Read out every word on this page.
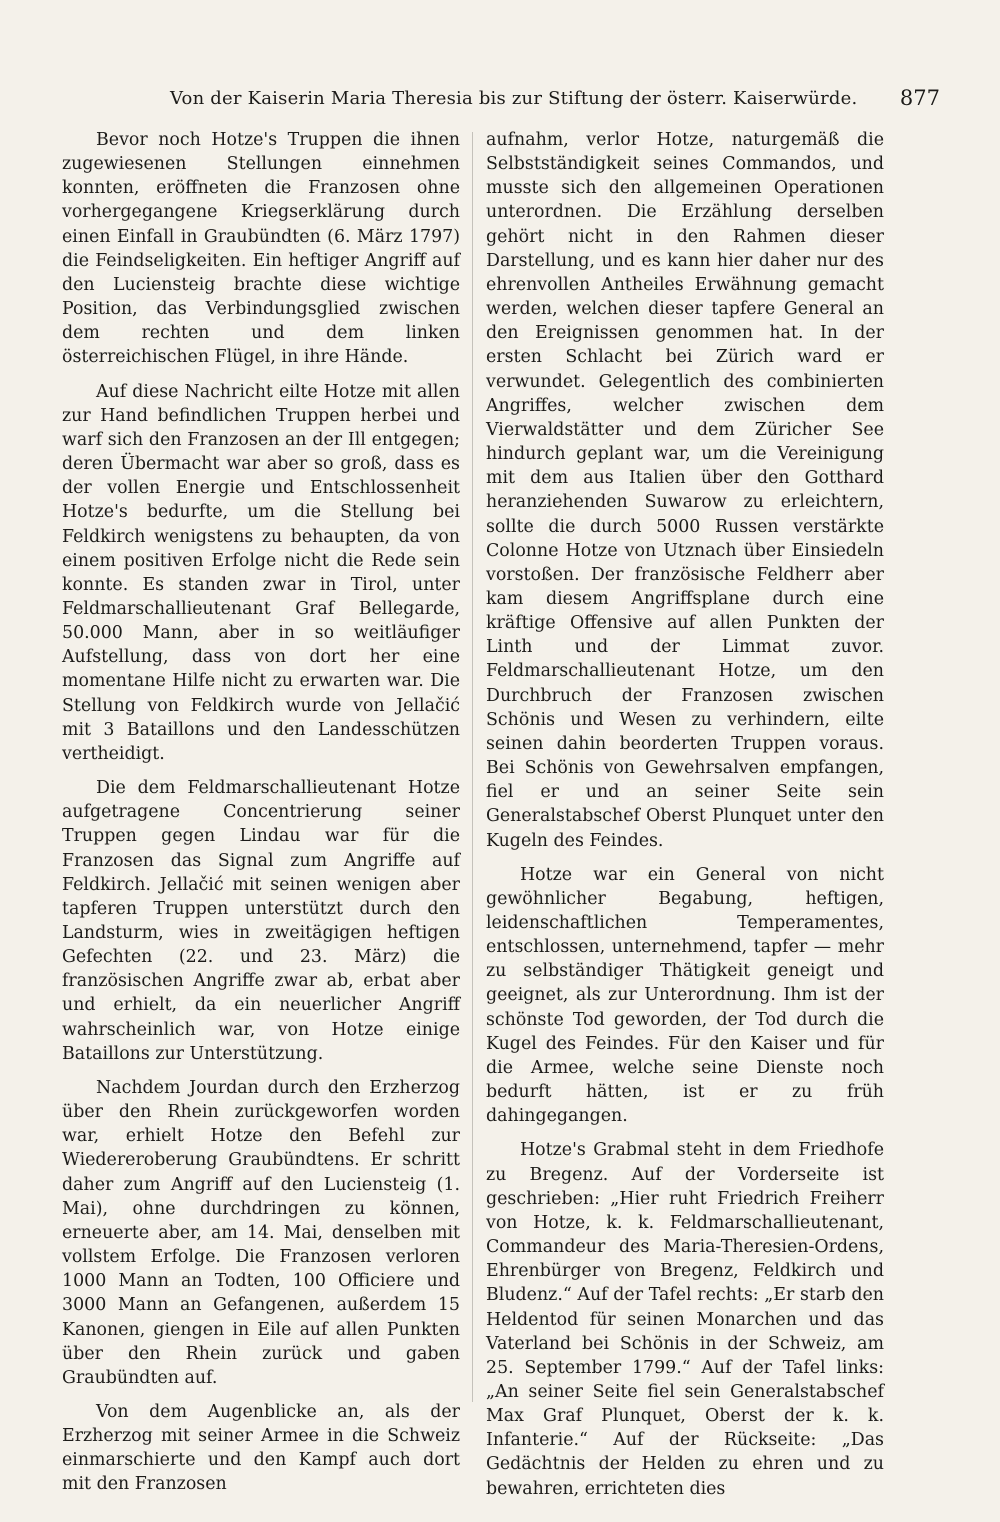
Von der Kaiserin Maria Theresia bis zur Stiftung der österr. Kaiserwürde. 877

Bevor noch Hotze's Truppen die ihnen zugewiesenen Stellungen einnehmen konnten, eröffneten die Franzosen ohne vorhergegangene Kriegserklärung durch einen Einfall in Graubündten (6. März 1797) die Feindseligkeiten. Ein heftiger Angriff auf den Luciensteig brachte diese wichtige Position, das Verbindungsglied zwischen dem rechten und dem linken österreichischen Flügel, in ihre Hände.

Auf diese Nachricht eilte Hotze mit allen zur Hand befindlichen Truppen herbei und warf sich den Franzosen an der Ill entgegen; deren Übermacht war aber so groß, dass es der vollen Energie und Entschlossenheit Hotze's bedurfte, um die Stellung bei Feldkirch wenigstens zu behaupten, da von einem positiven Erfolge nicht die Rede sein konnte. Es standen zwar in Tirol, unter Feldmarschallieutenant Graf Bellegarde, 50.000 Mann, aber in so weitläufiger Aufstellung, dass von dort her eine momentane Hilfe nicht zu erwarten war. Die Stellung von Feldkirch wurde von Jellačić mit 3 Bataillons und den Landesschützen vertheidigt.

Die dem Feldmarschallieutenant Hotze aufgetragene Concentrierung seiner Truppen gegen Lindau war für die Franzosen das Signal zum Angriffe auf Feldkirch. Jellačić mit seinen wenigen aber tapferen Truppen unterstützt durch den Landsturm, wies in zweitägigen heftigen Gefechten (22. und 23. März) die französischen Angriffe zwar ab, erbat aber und erhielt, da ein neuerlicher Angriff wahrscheinlich war, von Hotze einige Bataillons zur Unterstützung.

Nachdem Jourdan durch den Erzherzog über den Rhein zurückgeworfen worden war, erhielt Hotze den Befehl zur Wiedereroberung Graubündtens. Er schritt daher zum Angriff auf den Luciensteig (1. Mai), ohne durchdringen zu können, erneuerte aber, am 14. Mai, denselben mit vollstem Erfolge. Die Franzosen verloren 1000 Mann an Todten, 100 Officiere und 3000 Mann an Gefangenen, außerdem 15 Kanonen, giengen in Eile auf allen Punkten über den Rhein zurück und gaben Graubündten auf.

Von dem Augenblicke an, als der Erzherzog mit seiner Armee in die Schweiz einmarschierte und den Kampf auch dort mit den Franzosen

aufnahm, verlor Hotze, naturgemäß die Selbstständigkeit seines Commandos, und musste sich den allgemeinen Operationen unterordnen. Die Erzählung derselben gehört nicht in den Rahmen dieser Darstellung, und es kann hier daher nur des ehrenvollen Antheiles Erwähnung gemacht werden, welchen dieser tapfere General an den Ereignissen genommen hat. In der ersten Schlacht bei Zürich ward er verwundet. Gelegentlich des combinierten Angriffes, welcher zwischen dem Vierwaldstätter und dem Züricher See hindurch geplant war, um die Vereinigung mit dem aus Italien über den Gotthard heranziehenden Suwarow zu erleichtern, sollte die durch 5000 Russen verstärkte Colonne Hotze von Utznach über Einsiedeln vorstoßen. Der französische Feldherr aber kam diesem Angriffsplane durch eine kräftige Offensive auf allen Punkten der Linth und der Limmat zuvor. Feldmarschallieutenant Hotze, um den Durchbruch der Franzosen zwischen Schönis und Wesen zu verhindern, eilte seinen dahin beorderten Truppen voraus. Bei Schönis von Gewehrsalven empfangen, fiel er und an seiner Seite sein Generalstabschef Oberst Plunquet unter den Kugeln des Feindes.

Hotze war ein General von nicht gewöhnlicher Begabung, heftigen, leidenschaftlichen Temperamentes, entschlossen, unternehmend, tapfer — mehr zu selbständiger Thätigkeit geneigt und geeignet, als zur Unterordnung. Ihm ist der schönste Tod geworden, der Tod durch die Kugel des Feindes. Für den Kaiser und für die Armee, welche seine Dienste noch bedurft hätten, ist er zu früh dahingegangen.

Hotze's Grabmal steht in dem Friedhofe zu Bregenz. Auf der Vorderseite ist geschrieben: „Hier ruht Friedrich Freiherr von Hotze, k. k. Feldmarschallieutenant, Commandeur des Maria-Theresien-Ordens, Ehrenbürger von Bregenz, Feldkirch und Bludenz.“ Auf der Tafel rechts: „Er starb den Heldentod für seinen Monarchen und das Vaterland bei Schönis in der Schweiz, am 25. September 1799.“ Auf der Tafel links: „An seiner Seite fiel sein Generalstabschef Max Graf Plunquet, Oberst der k. k. Infanterie.“ Auf der Rückseite: „Das Gedächtnis der Helden zu ehren und zu bewahren, errichteten dies
